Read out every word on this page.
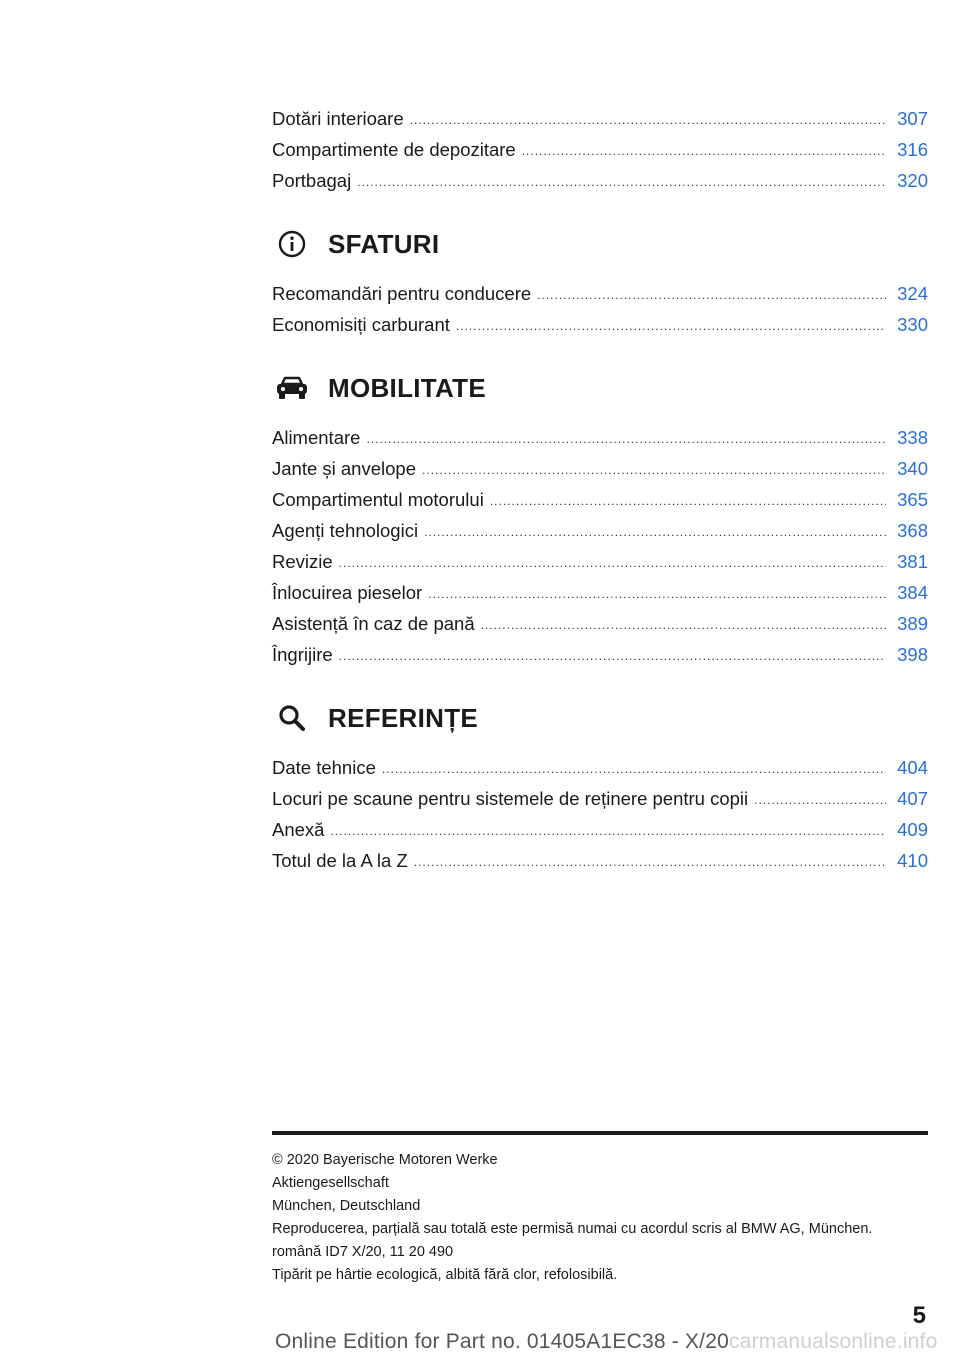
Dotări interioare .....	307
Compartimente de depozitare .....	316
Portbagaj .....	320
SFATURI
Recomandări pentru conducere .....	324
Economisiți carburant .....	330
MOBILITATE
Alimentare .....	338
Jante și anvelope .....	340
Compartimentul motorului .....	365
Agenți tehnologici .....	368
Revizie .....	381
Înlocuirea pieselor .....	384
Asistență în caz de pană .....	389
Îngrijire .....	398
REFERINȚE
Date tehnice .....	404
Locuri pe scaune pentru sistemele de reținere pentru copii .....	407
Anexă .....	409
Totul de la A la Z .....	410
© 2020 Bayerische Motoren Werke
Aktiengesellschaft
München, Deutschland
Reproducerea, parțială sau totală este permisă numai cu acordul scris al BMW AG, München.
română ID7 X/20, 11 20 490
Tipărit pe hârtie ecologică, albită fără clor, refolosibilă.
5
Online Edition for Part no. 01405A1EC38 - X/20carmanualsonline.info
